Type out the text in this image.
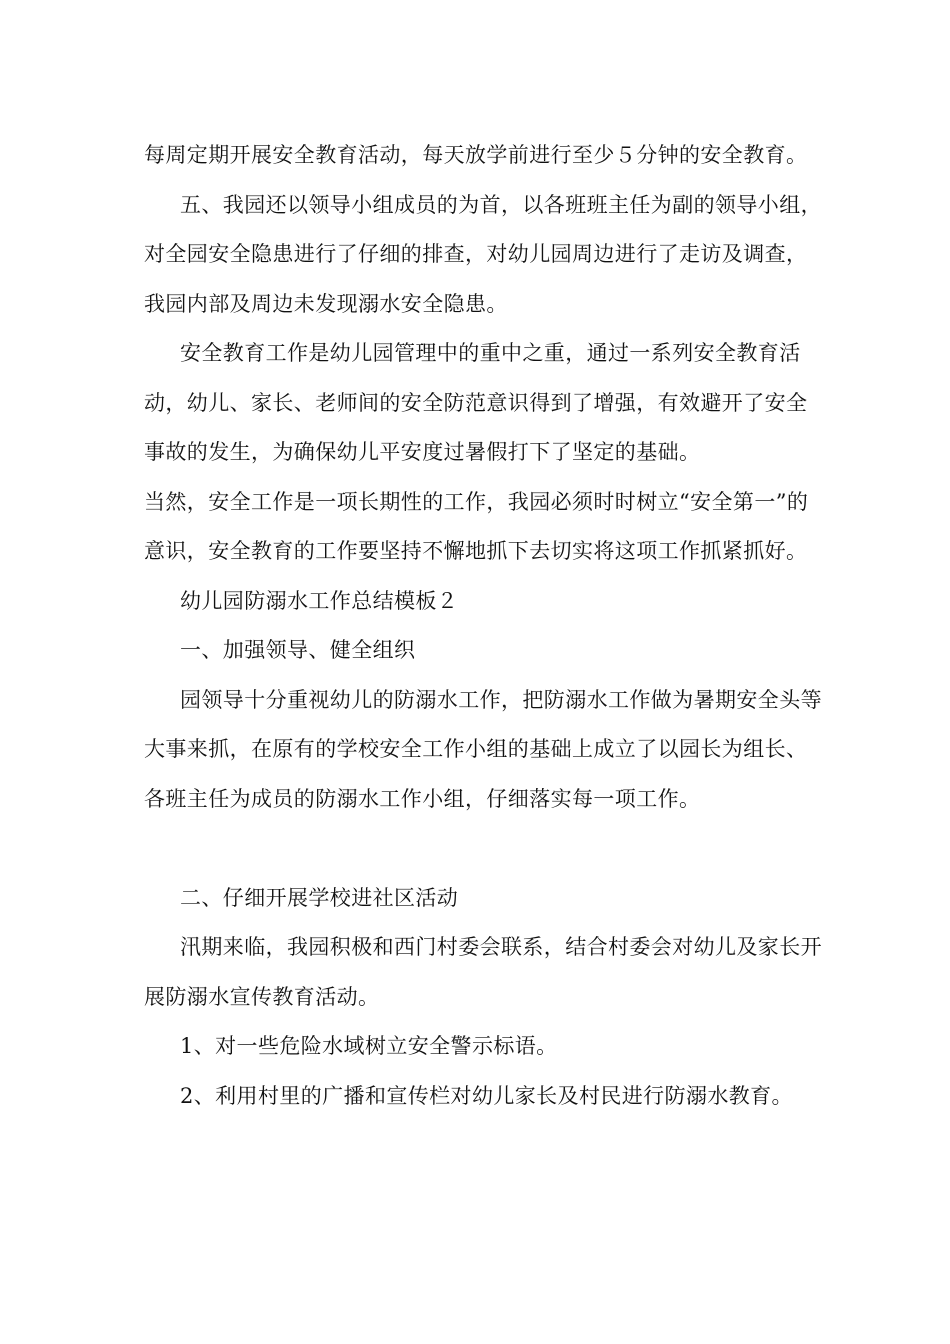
每周定期开展安全教育活动，每天放学前进行至少５分钟的安全教育。

五、我园还以领导小组成员的为首，以各班班主任为副的领导小组，对全园安全隐患进行了仔细的排查，对幼儿园周边进行了走访及调查，我园内部及周边未发现溺水安全隐患。

安全教育工作是幼儿园管理中的重中之重，通过一系列安全教育活动，幼儿、家长、老师间的安全防范意识得到了增强，有效避开了安全事故的发生，为确保幼儿平安度过暑假打下了坚定的基础。

当然，安全工作是一项长期性的工作，我园必须时时树立“安全第一”的意识，安全教育的工作要坚持不懈地抓下去切实将这项工作抓紧抓好。

幼儿园防溺水工作总结模板２

一、加强领导、健全组织

园领导十分重视幼儿的防溺水工作，把防溺水工作做为暑期安全头等大事来抓，在原有的学校安全工作小组的基础上成立了以园长为组长、各班主任为成员的防溺水工作小组，仔细落实每一项工作。

二、仔细开展学校进社区活动

汛期来临，我园积极和西门村委会联系，结合村委会对幼儿及家长开展防溺水宣传教育活动。

1、对一些危险水域树立安全警示标语。

2、利用村里的广播和宣传栏对幼儿家长及村民进行防溺水教育。
